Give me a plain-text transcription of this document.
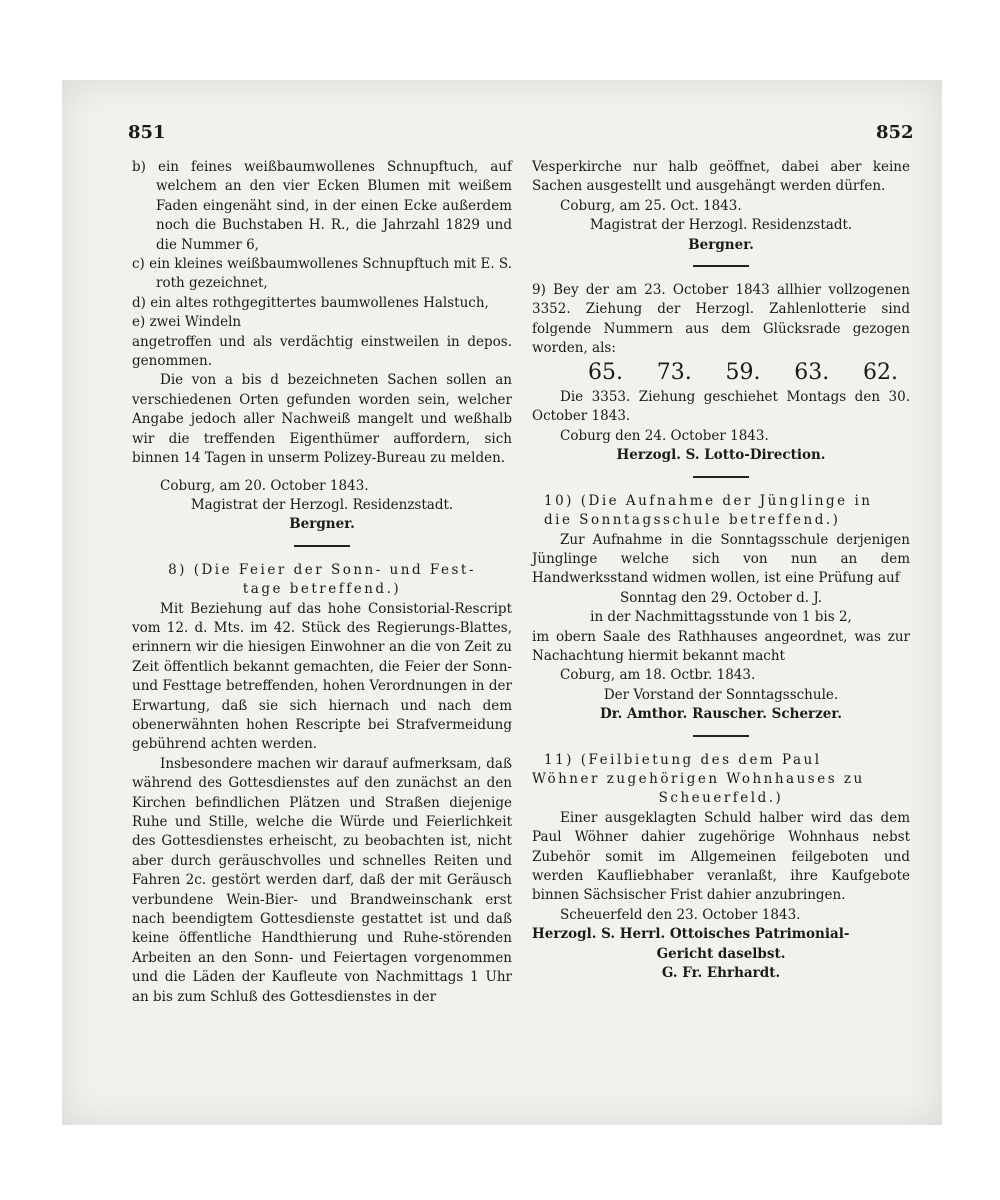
851	852

b) ein feines weißbaumwollenes Schnupftuch, auf welchem an den vier Ecken Blumen mit weißem Faden eingenäht sind, in der einen Ecke außerdem noch die Buchstaben H. R., die Jahrzahl 1829 und die Nummer 6,

c) ein kleines weißbaumwollenes Schnupftuch mit E. S. roth gezeichnet,

d) ein altes rothgegittertes baumwollenes Halstuch,

e) zwei Windeln

angetroffen und als verdächtig einstweilen in depos. genommen.

Die von a bis d bezeichneten Sachen sollen an verschiedenen Orten gefunden worden sein, welcher Angabe jedoch aller Nachweiß mangelt und weßhalb wir die treffenden Eigenthümer auffordern, sich binnen 14 Tagen in unserm Polizey-Bureau zu melden.

Coburg, am 20. October 1843.

Magistrat der Herzogl. Residenzstadt.

Bergner.

8) (Die Feier der Sonn- und Fest-

tage betreffend.)

Mit Beziehung auf das hohe Consistorial-Rescript vom 12. d. Mts. im 42. Stück des Regierungs-Blattes, erinnern wir die hiesigen Einwohner an die von Zeit zu Zeit öffentlich bekannt gemachten, die Feier der Sonn- und Festtage betreffenden, hohen Verordnungen in der Erwartung, daß sie sich hiernach und nach dem obenerwähnten hohen Rescripte bei Strafvermeidung gebührend achten werden.

Insbesondere machen wir darauf aufmerksam, daß während des Gottesdienstes auf den zunächst an den Kirchen befindlichen Plätzen und Straßen diejenige Ruhe und Stille, welche die Würde und Feierlichkeit des Gottesdienstes erheischt, zu beobachten ist, nicht aber durch geräuschvolles und schnelles Reiten und Fahren 2c. gestört werden darf, daß der mit Geräusch verbundene Wein-Bier- und Brandweinschank erst nach beendigtem Gottesdienste gestattet ist und daß keine öffentliche Handthierung und Ruhe-störenden Arbeiten an den Sonn- und Feiertagen vorgenommen und die Läden der Kaufleute von Nachmittags 1 Uhr an bis zum Schluß des Gottesdienstes in der

Vesperkirche nur halb geöffnet, dabei aber keine Sachen ausgestellt und ausgehängt werden dürfen.

Coburg, am 25. Oct. 1843.

Magistrat der Herzogl. Residenzstadt.

Bergner.

9) Bey der am 23. October 1843 allhier vollzogenen 3352. Ziehung der Herzogl. Zahlenlotterie sind folgende Nummern aus dem Glücksrade gezogen worden, als:

65. 73. 59. 63. 62.

Die 3353. Ziehung geschiehet Montags den 30. October 1843.

Coburg den 24. October 1843.

Herzogl. S. Lotto-Direction.

10) (Die Aufnahme der Jünglinge in

die Sonntagsschule betreffend.)

Zur Aufnahme in die Sonntagsschule derjenigen Jünglinge welche sich von nun an dem Handwerksstand widmen wollen, ist eine Prüfung auf

Sonntag den 29. October d. J.

in der Nachmittagsstunde von 1 bis 2,

im obern Saale des Rathhauses angeordnet, was zur Nachachtung hiermit bekannt macht

Coburg, am 18. Octbr. 1843.

Der Vorstand der Sonntagsschule.

Dr. Amthor. Rauscher. Scherzer.

11) (Feilbietung des dem Paul

Wöhner zugehörigen Wohnhauses zu

Scheuerfeld.)

Einer ausgeklagten Schuld halber wird das dem Paul Wöhner dahier zugehörige Wohnhaus nebst Zubehör somit im Allgemeinen feilgeboten und werden Kaufliebhaber veranlaßt, ihre Kaufgebote binnen Sächsischer Frist dahier anzubringen.

Scheuerfeld den 23. October 1843.

Herzogl. S. Herrl. Ottoisches Patrimonial-

Gericht daselbst.

G. Fr. Ehrhardt.
